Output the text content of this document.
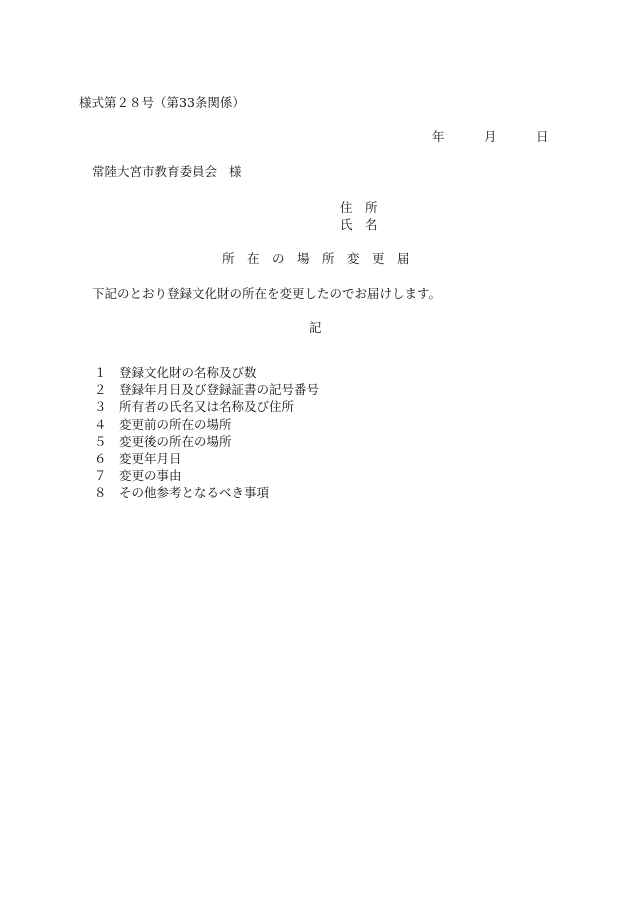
様式第２８号（第33条関係）
年	月	日
常陸大宮市教育委員会 様
住　所
氏　名
所　在　の　場　所　変　更　届
下記のとおり登録文化財の所在を変更したのでお届けします。
記
１ 登録文化財の名称及び数
２ 登録年月日及び登録証書の記号番号
３ 所有者の氏名又は名称及び住所
４ 変更前の所在の場所
５ 変更後の所在の場所
６ 変更年月日
７ 変更の事由
８ その他参考となるべき事項
